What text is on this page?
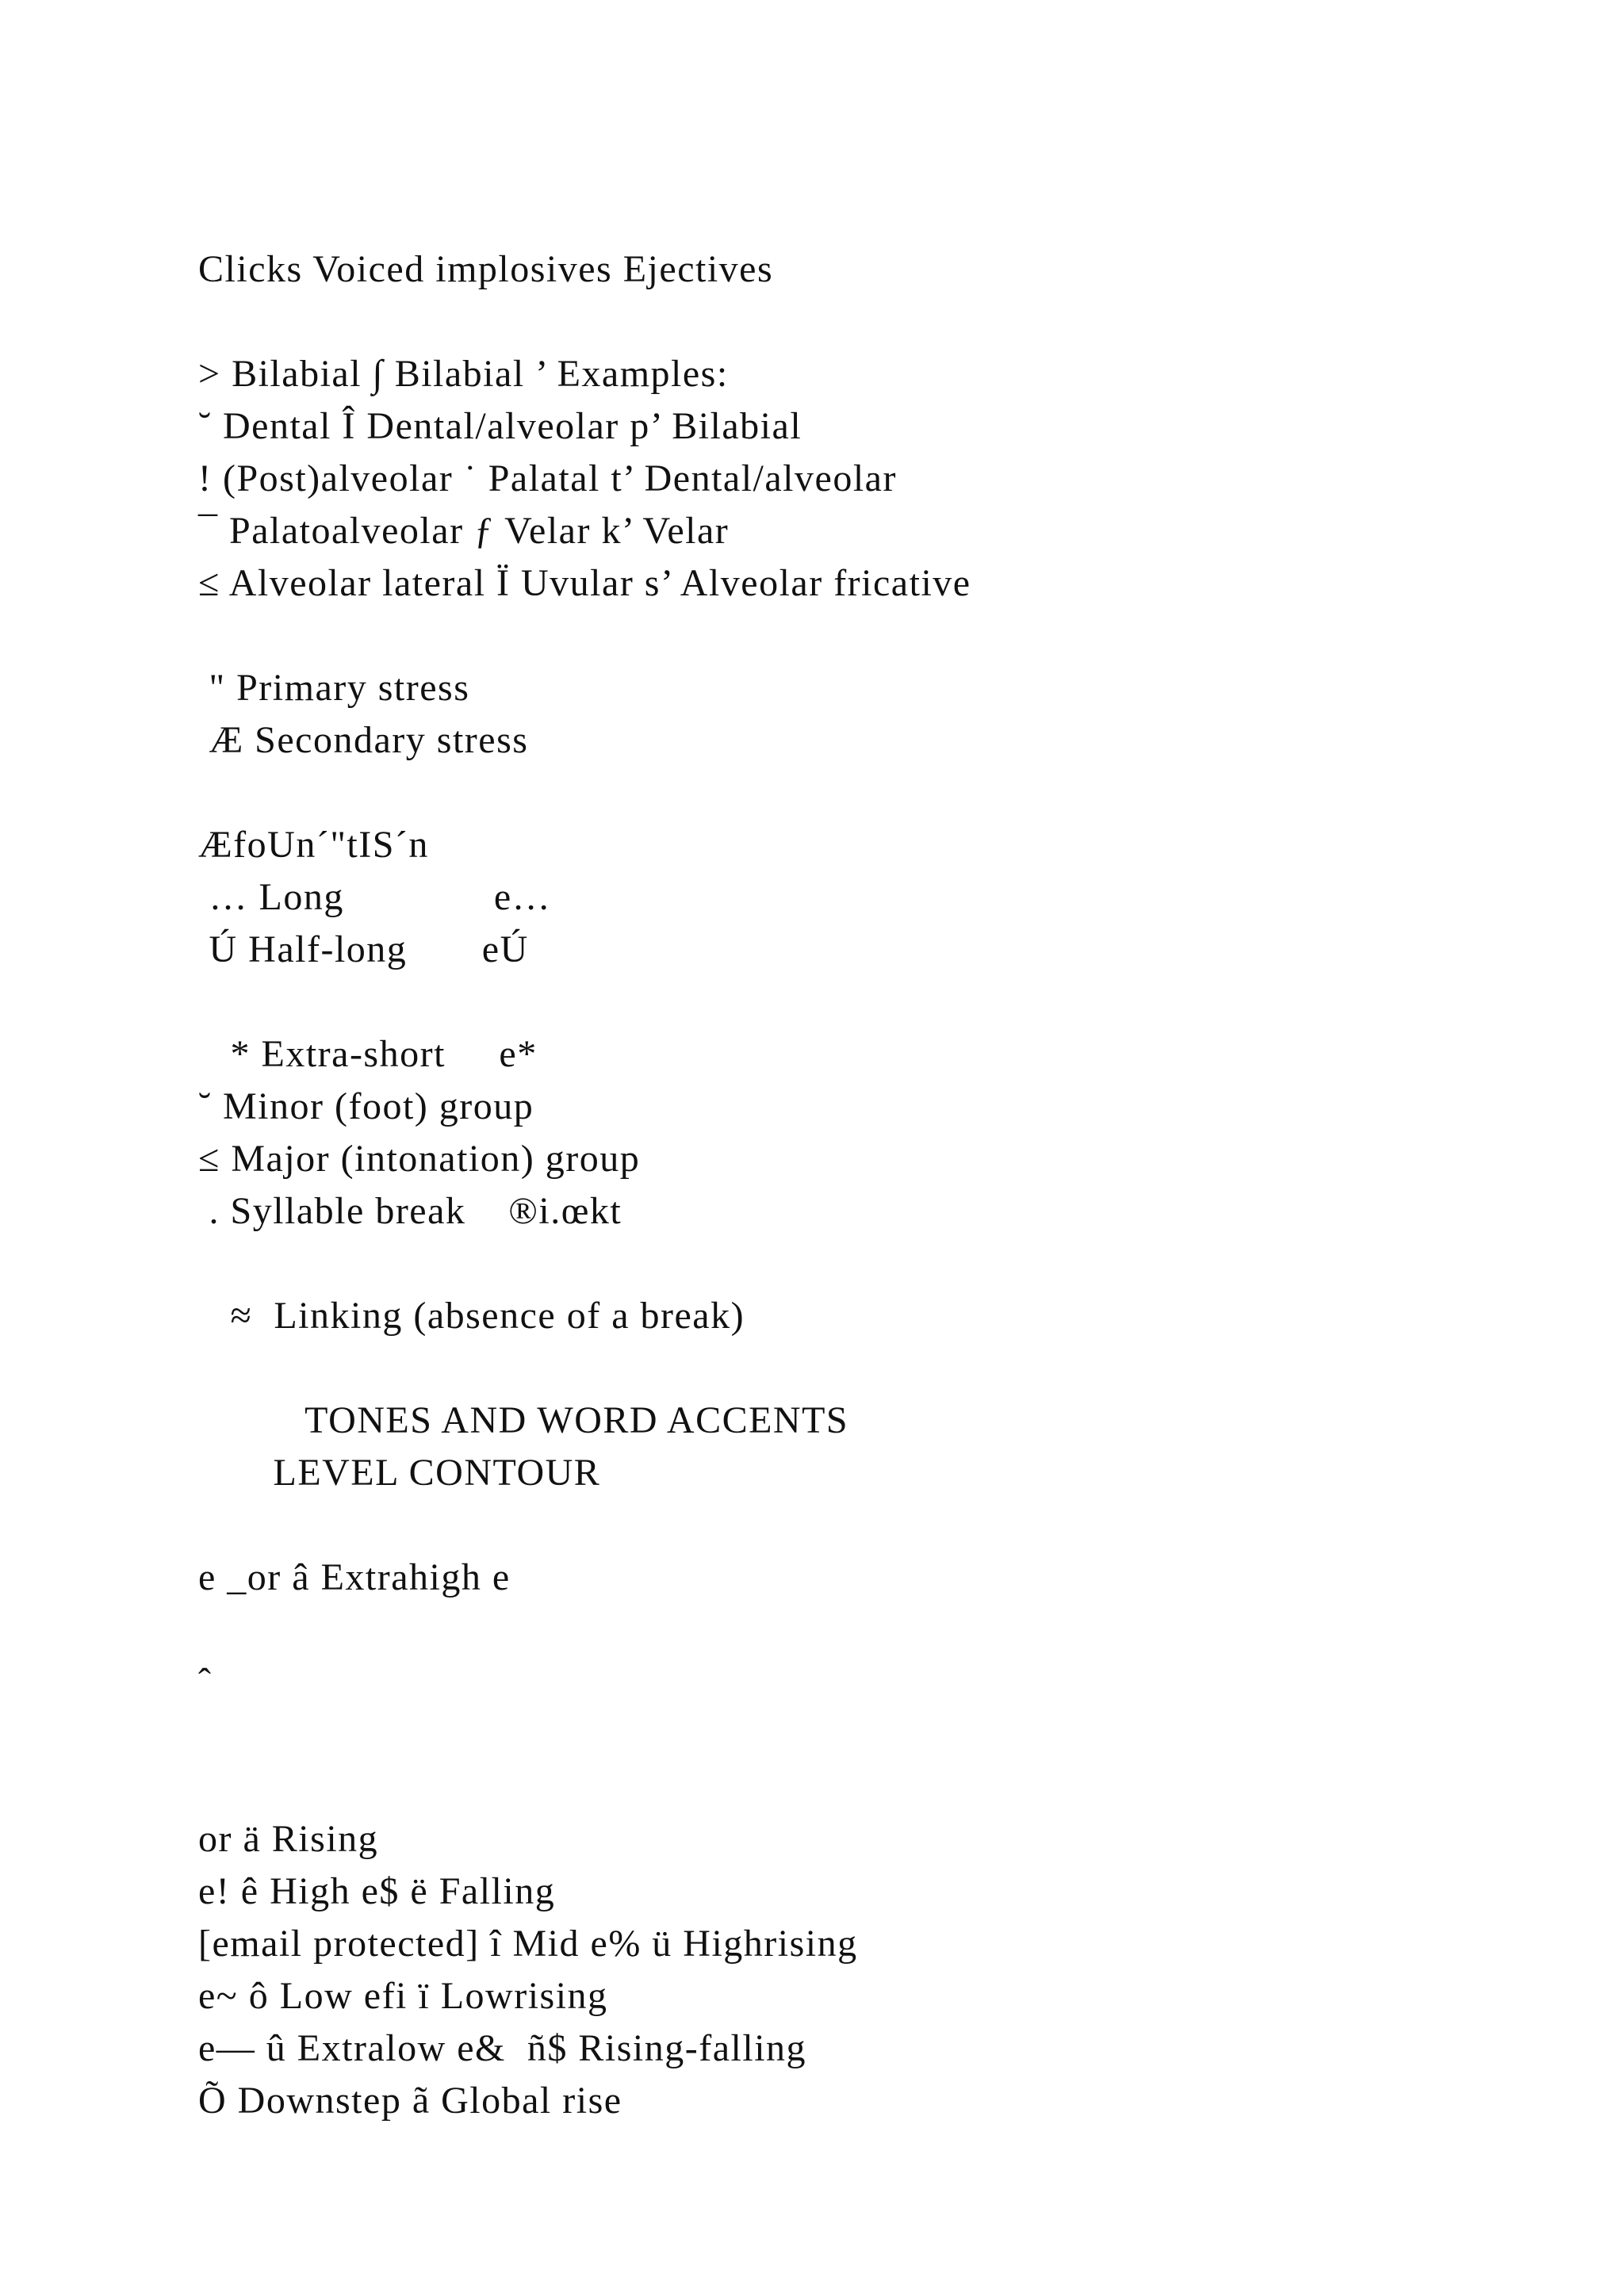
Clicks Voiced implosives Ejectives
> Bilabial ∫ Bilabial ’ Examples:
˘ Dental Î Dental/alveolar p’ Bilabial
! (Post)alveolar ˙ Palatal t’ Dental/alveolar
¯ Palatoalveolar ƒ Velar k’ Velar
≤ Alveolar lateral Ï Uvular s’ Alveolar fricative
" Primary stress
Æ Secondary stress
ÆfoUn´"tIS´n
… Long              e…
Ú Half-long       eÚ
* Extra-short     e*
˘ Minor (foot) group
≤ Major (intonation) group
. Syllable break    ®i.œkt
≈  Linking (absence of a break)
TONES AND WORD ACCENTS
LEVEL CONTOUR
e _or â Extrahigh e
ˆ
or ä Rising
e! ê High e$ ë Falling
[email protected] î Mid e% ü Highrising
e~ ô Low efi ï Lowrising
e— û Extralow e&  ñ$ Rising-falling
Õ Downstep ã Global rise
